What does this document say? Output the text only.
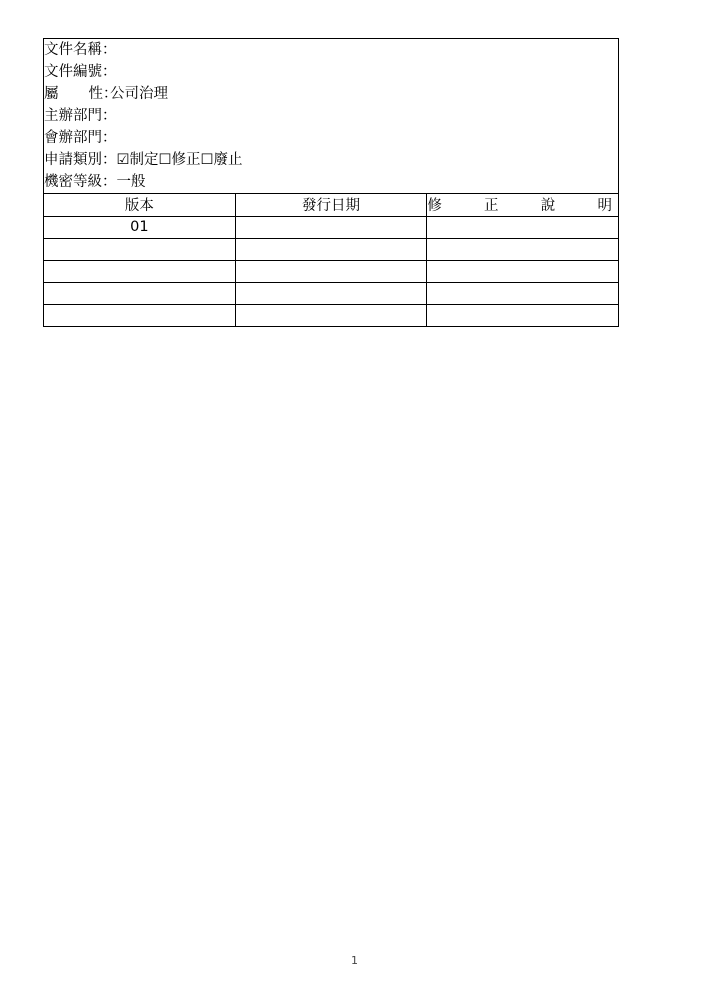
文件名稱：
文件編號：
屬 性：公司治理
主辦部門：
會辦部門：
申請類別：☑制定☐修正☐廢止
機密等級：一般

版本	發行日期	修 正 說 明

01		

1
